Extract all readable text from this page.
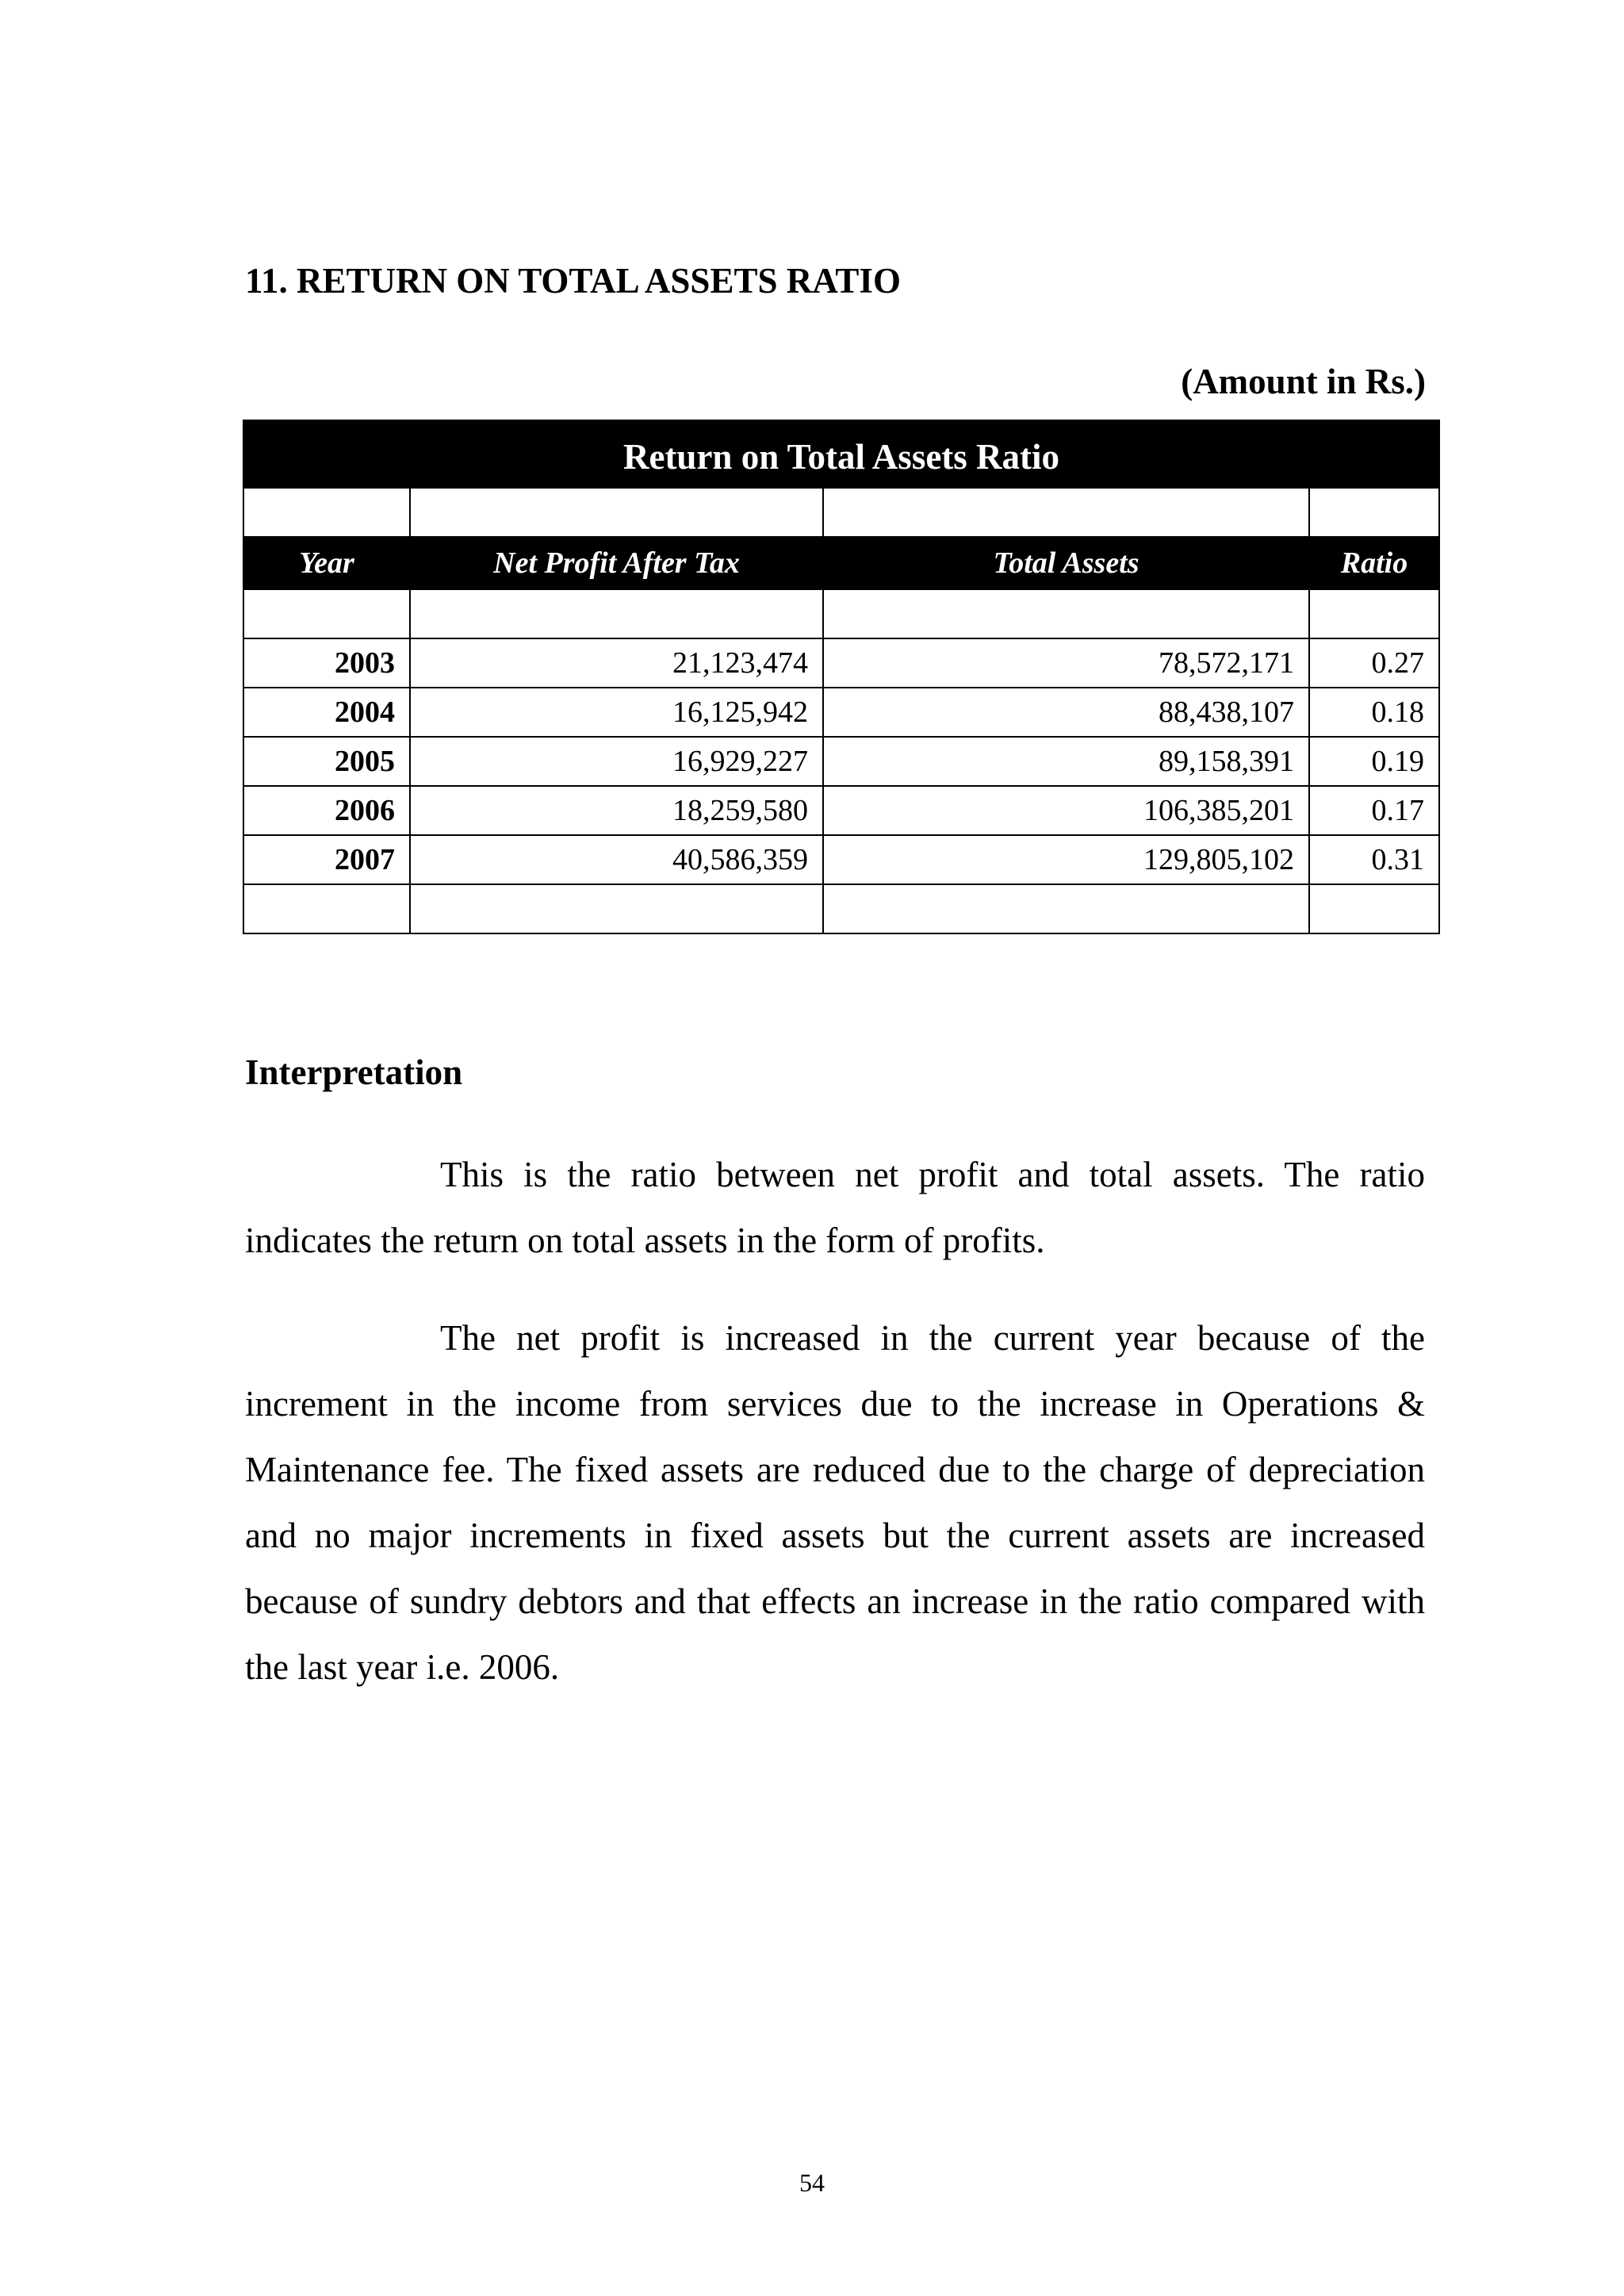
11. RETURN ON TOTAL ASSETS RATIO
(Amount in Rs.)
Return on Total Assets Ratio			

Year	Net Profit After Tax	Total Assets	Ratio

2003	21,123,474	78,572,171	0.27
2004	16,125,942	88,438,107	0.18
2005	16,929,227	89,158,391	0.19
2006	18,259,580	106,385,201	0.17
2007	40,586,359	129,805,102	0.31

Interpretation

This is the ratio between net profit and total assets. The ratio indicates the return on total assets in the form of profits.

The net profit is increased in the current year because of the increment in the income from services due to the increase in Operations & Maintenance fee. The fixed assets are reduced due to the charge of depreciation and no major increments in fixed assets but the current assets are increased because of sundry debtors and that effects an increase in the ratio compared with the last year i.e. 2006.

54
